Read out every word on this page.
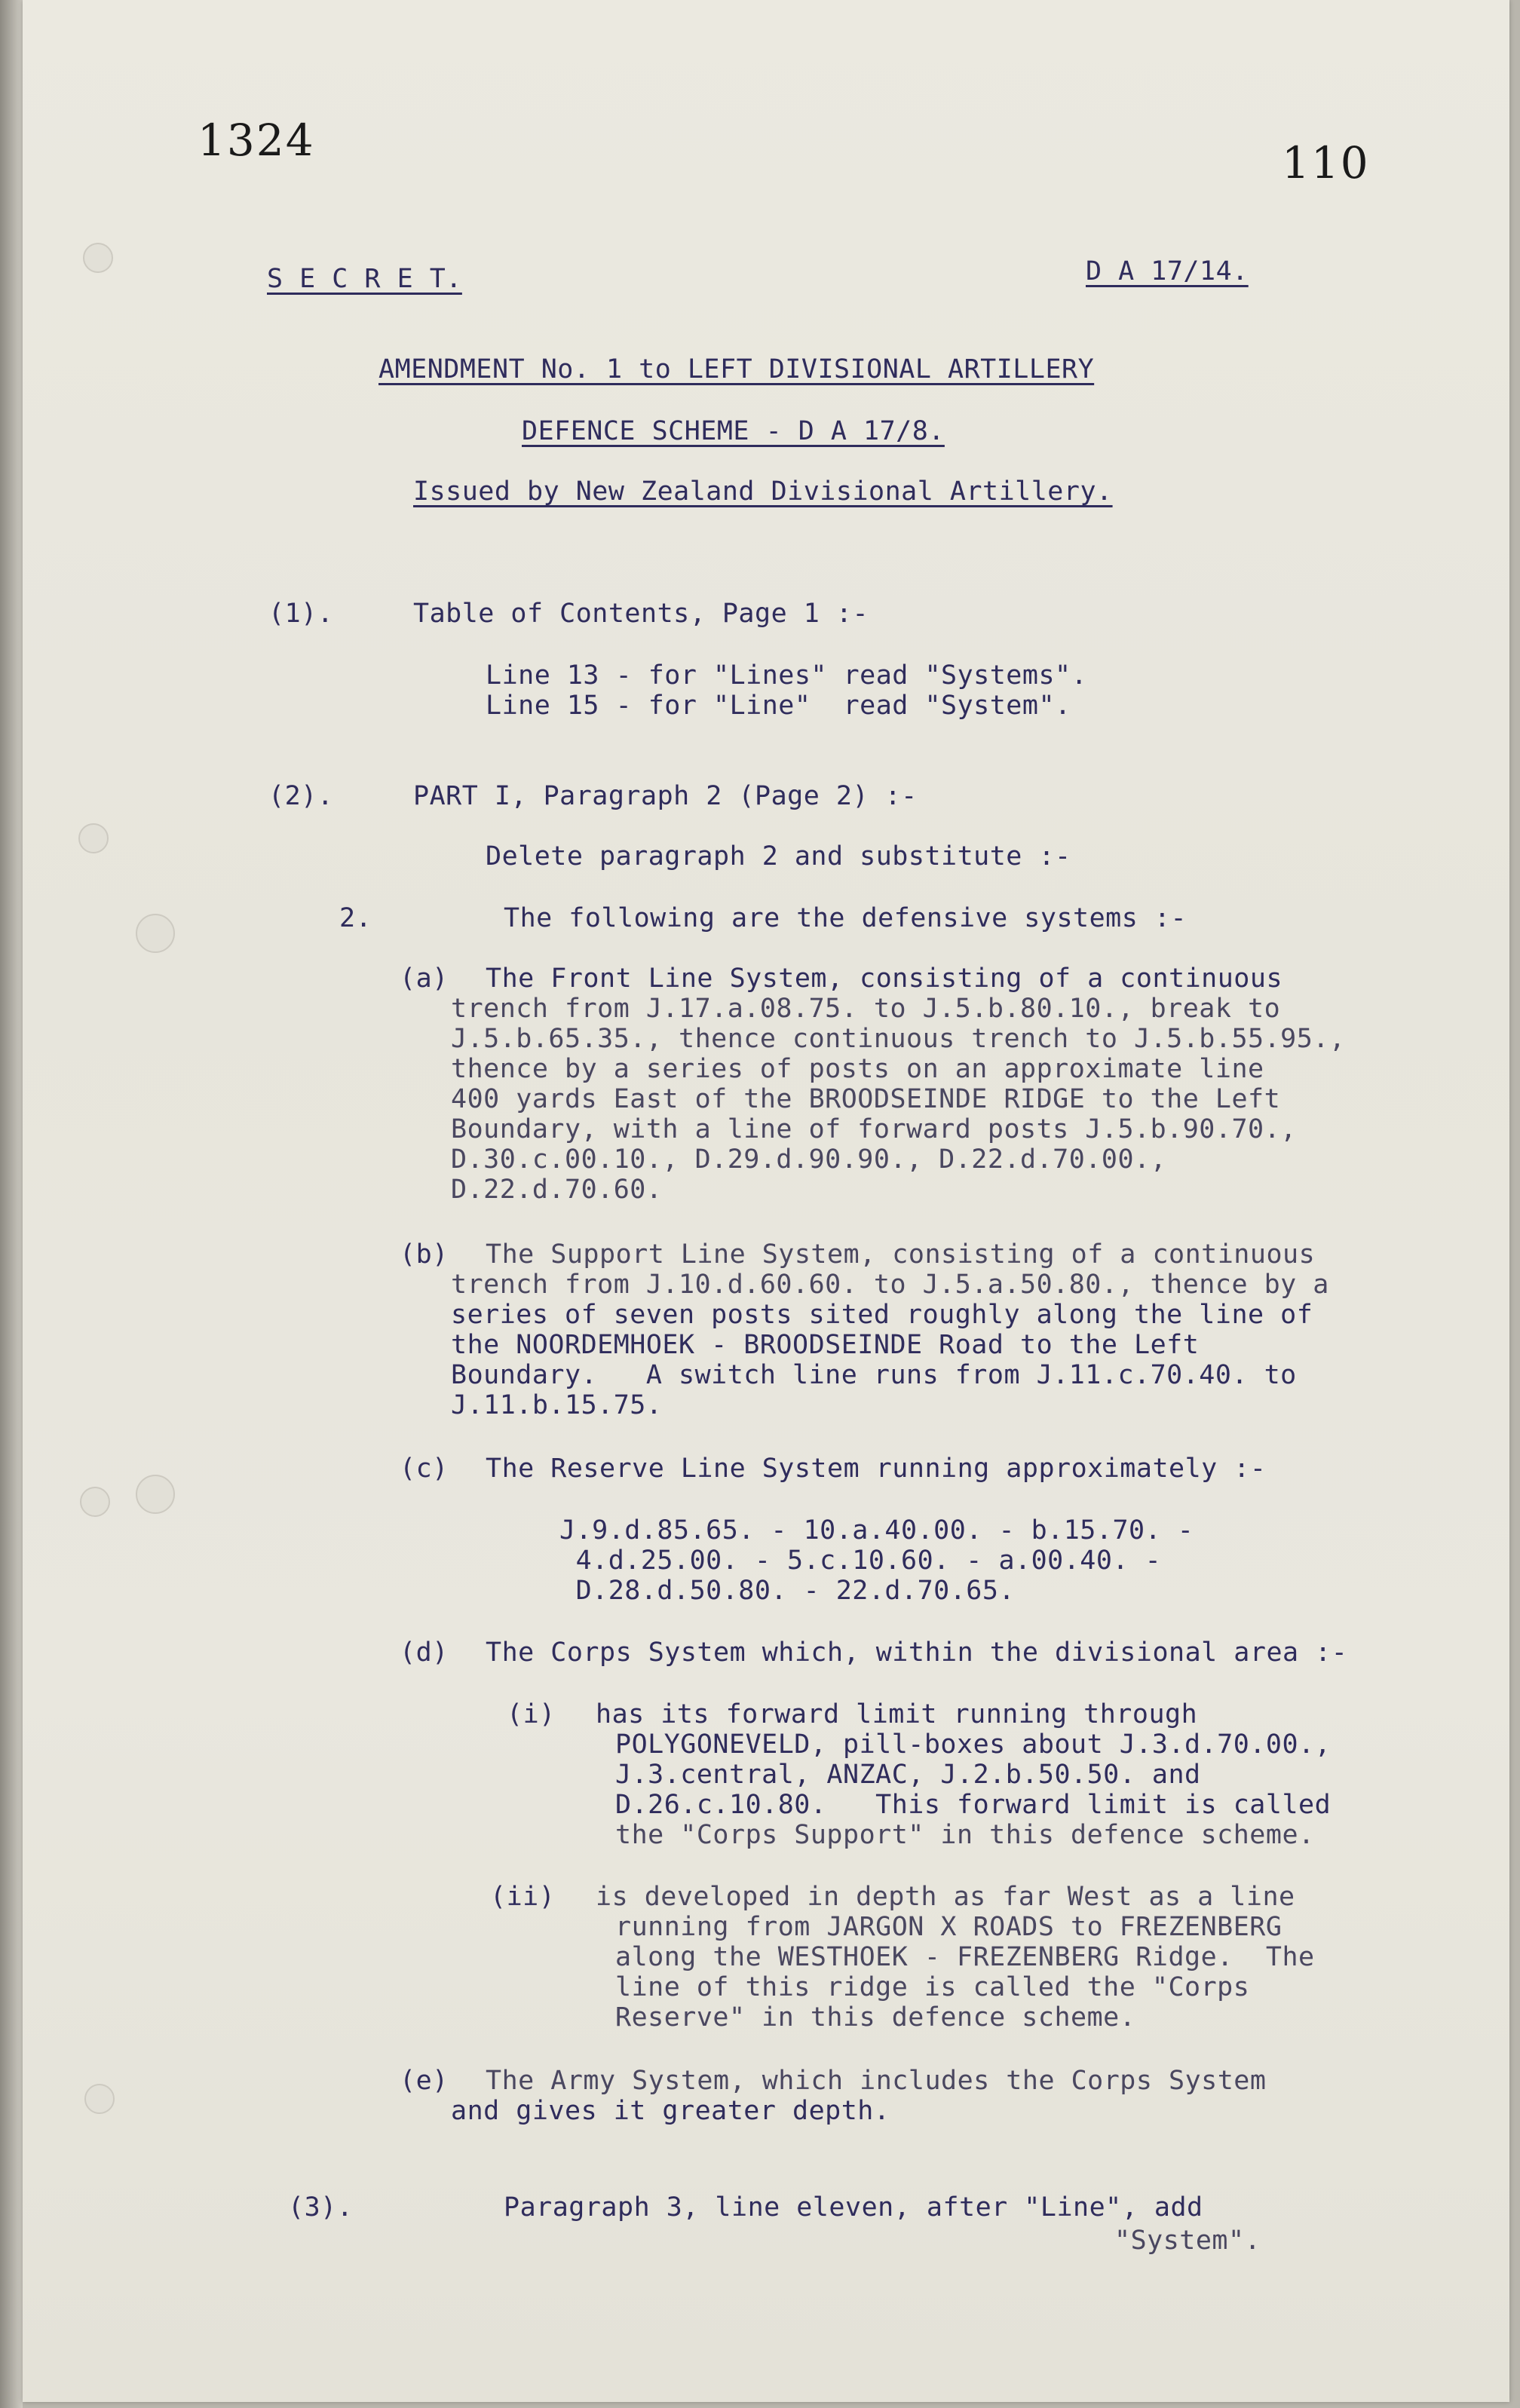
1324	110
S E C R E T.	D A 17/14.
AMENDMENT No. 1 to LEFT DIVISIONAL ARTILLERY
DEFENCE SCHEME - D A 17/8.
Issued by New Zealand Divisional Artillery.
(1).	Table of Contents, Page 1 :-
Line 13 - for "Lines" read "Systems".
Line 15 - for "Line"  read "System".
(2).	PART I, Paragraph 2 (Page 2) :-
Delete paragraph 2 and substitute :-
2.	The following are the defensive systems :-
(a) The Front Line System, consisting of a continuous
trench from J.17.a.08.75. to J.5.b.80.10., break to
J.5.b.65.35., thence continuous trench to J.5.b.55.95.,
thence by a series of posts on an approximate line
400 yards East of the BROODSEINDE RIDGE to the Left
Boundary, with a line of forward posts J.5.b.90.70.,
D.30.c.00.10., D.29.d.90.90., D.22.d.70.00.,
D.22.d.70.60.
(b) The Support Line System, consisting of a continuous
trench from J.10.d.60.60. to J.5.a.50.80., thence by a
series of seven posts sited roughly along the line of
the NOORDEMHOEK - BROODSEINDE Road to the Left
Boundary.   A switch line runs from J.11.c.70.40. to
J.11.b.15.75.
(c) The Reserve Line System running approximately :-
J.9.d.85.65. - 10.a.40.00. - b.15.70. -
4.d.25.00. - 5.c.10.60. - a.00.40. -
D.28.d.50.80. - 22.d.70.65.
(d) The Corps System which, within the divisional area :-
(i) has its forward limit running through
POLYGONEVELD, pill-boxes about J.3.d.70.00.,
J.3.central, ANZAC, J.2.b.50.50. and
D.26.c.10.80.   This forward limit is called
the "Corps Support" in this defence scheme.
(ii) is developed in depth as far West as a line
running from JARGON X ROADS to FREZENBERG
along the WESTHOEK - FREZENBERG Ridge.  The
line of this ridge is called the "Corps
Reserve" in this defence scheme.
(e) The Army System, which includes the Corps System
and gives it greater depth.
(3).	Paragraph 3, line eleven, after "Line", add
"System".
